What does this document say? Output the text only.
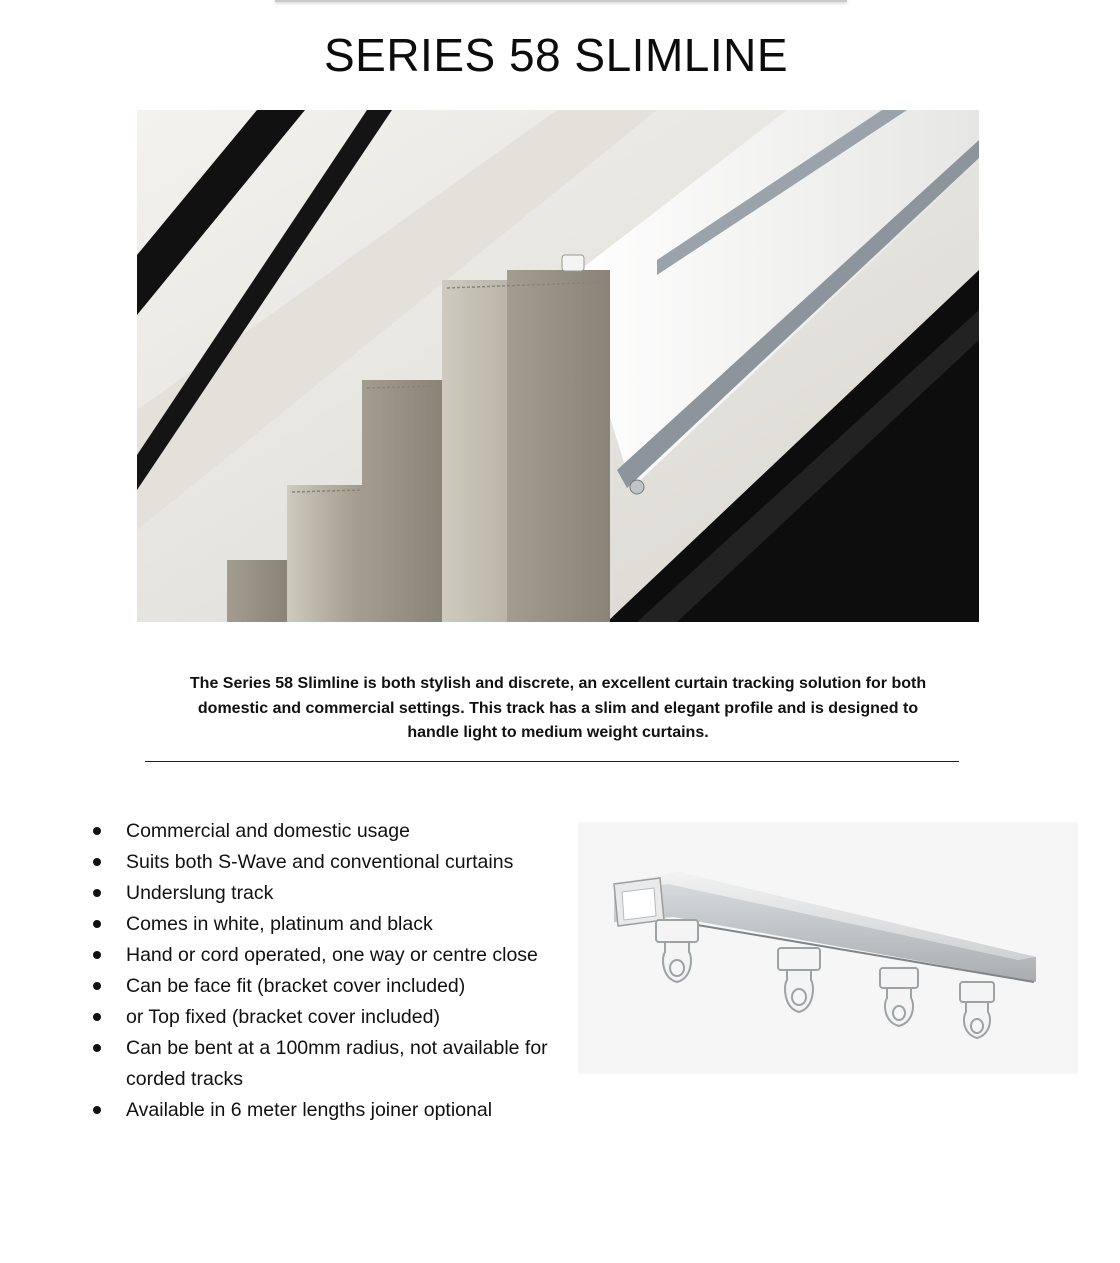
SERIES 58 SLIMLINE

The Series 58 Slimline is both stylish and discrete, an excellent curtain tracking solution for both domestic and commercial settings. This track has a slim and elegant profile and is designed to handle light to medium weight curtains.

Commercial and domestic usage
Suits both S-Wave and conventional curtains
Underslung track
Comes in white, platinum and black
Hand or cord operated, one way or centre close
Can be face fit (bracket cover included)
or Top fixed (bracket cover included)
Can be bent at a 100mm radius, not available for corded tracks
Available in 6 meter lengths joiner optional
